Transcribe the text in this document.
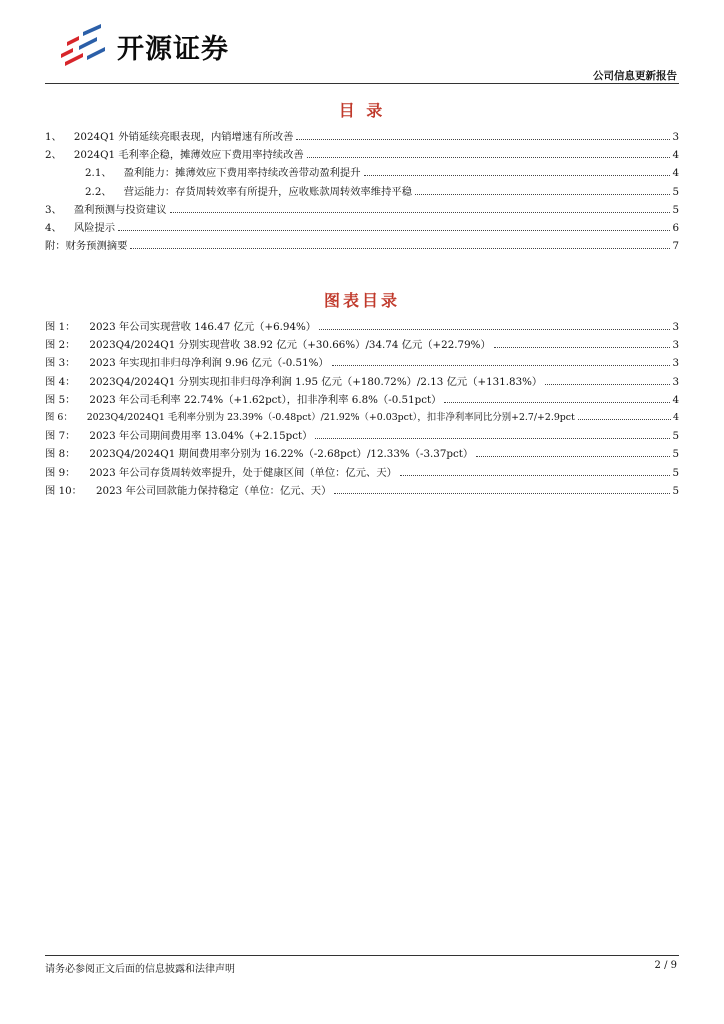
开源证券
公司信息更新报告
目 录
1、 2024Q1 外销延续亮眼表现，内销增速有所改善	3
2、 2024Q1 毛利率企稳，摊薄效应下费用率持续改善	4
2.1、 盈利能力：摊薄效应下费用率持续改善带动盈利提升	4
2.2、 营运能力：存货周转效率有所提升，应收账款周转效率维持平稳	5
3、 盈利预测与投资建议	5
4、 风险提示	6
附： 财务预测摘要	7
图表目录
图 1： 2023 年公司实现营收 146.47 亿元（+6.94%）	3
图 2： 2023Q4/2024Q1 分别实现营收 38.92 亿元（+30.66%）/34.74 亿元（+22.79%）	3
图 3： 2023 年实现扣非归母净利润 9.96 亿元（-0.51%）	3
图 4： 2023Q4/2024Q1 分别实现扣非归母净利润 1.95 亿元（+180.72%）/2.13 亿元（+131.83%）	3
图 5： 2023 年公司毛利率 22.74%（+1.62pct），扣非净利率 6.8%（-0.51pct）	4
图 6： 2023Q4/2024Q1 毛利率分别为 23.39%（-0.48pct）/21.92%（+0.03pct），扣非净利率同比分别+2.7/+2.9pct	4
图 7： 2023 年公司期间费用率 13.04%（+2.15pct）	5
图 8： 2023Q4/2024Q1 期间费用率分别为 16.22%（-2.68pct）/12.33%（-3.37pct）	5
图 9： 2023 年公司存货周转效率提升，处于健康区间（单位：亿元、天）	5
图 10： 2023 年公司回款能力保持稳定（单位：亿元、天）	5
请务必参阅正文后面的信息披露和法律声明	2 / 9
